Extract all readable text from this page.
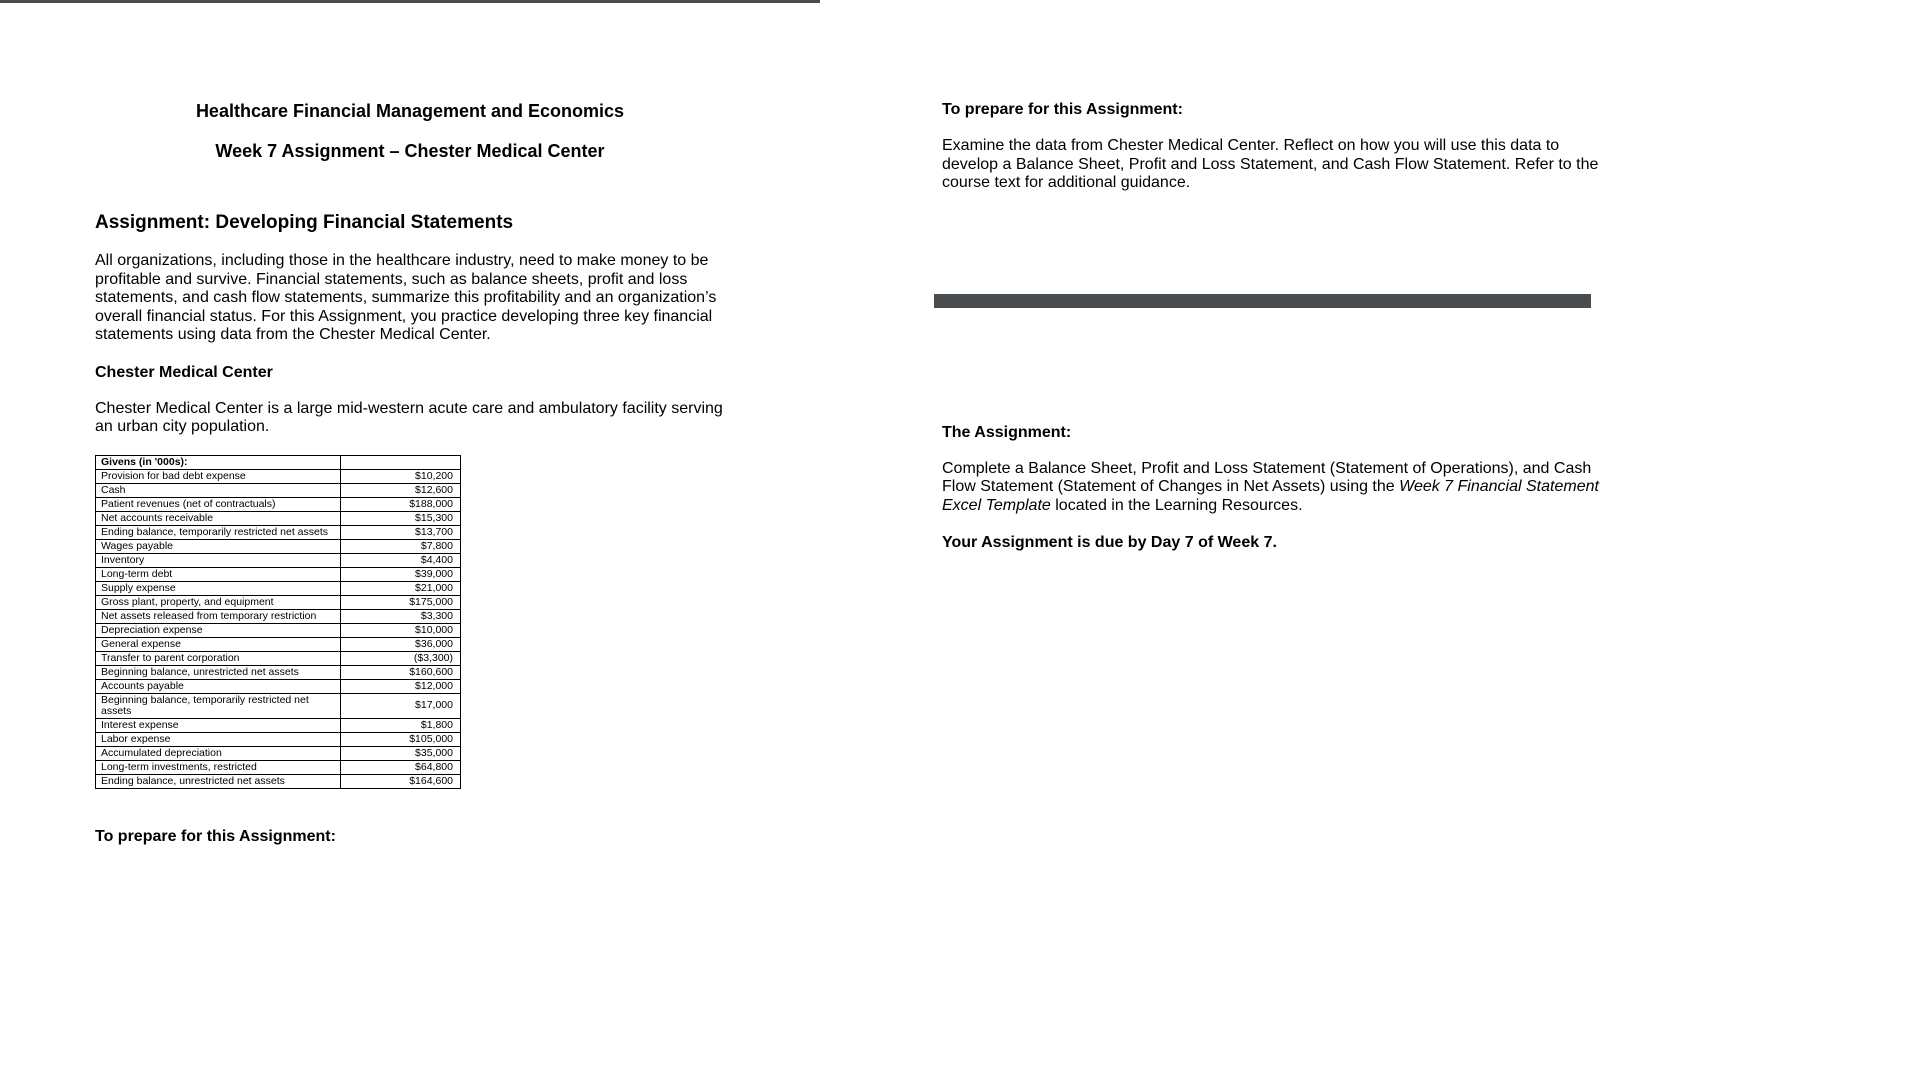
Healthcare Financial Management and Economics

Week 7 Assignment – Chester Medical Center

Assignment: Developing Financial Statements

All organizations, including those in the healthcare industry, need to make money to be profitable and survive. Financial statements, such as balance sheets, profit and loss statements, and cash flow statements, summarize this profitability and an organization’s overall financial status. For this Assignment, you practice developing three key financial statements using data from the Chester Medical Center.

Chester Medical Center

Chester Medical Center is a large mid-western acute care and ambulatory facility serving an urban city population.

Givens (in '000s):	
Provision for bad debt expense	$10,200
Cash	$12,600
Patient revenues (net of contractuals)	$188,000
Net accounts receivable	$15,300
Ending balance, temporarily restricted net assets	$13,700
Wages payable	$7,800
Inventory	$4,400
Long-term debt	$39,000
Supply expense	$21,000
Gross plant, property, and equipment	$175,000
Net assets released from temporary restriction	$3,300
Depreciation expense	$10,000
General expense	$36,000
Transfer to parent corporation	($3,300)
Beginning balance, unrestricted net assets	$160,600
Accounts payable	$12,000
Beginning balance, temporarily restricted net assets	$17,000
Interest expense	$1,800
Labor expense	$105,000
Accumulated depreciation	$35,000
Long-term investments, restricted	$64,800
Ending balance, unrestricted net assets	$164,600

To prepare for this Assignment:

To prepare for this Assignment:

Examine the data from Chester Medical Center. Reflect on how you will use this data to develop a Balance Sheet, Profit and Loss Statement, and Cash Flow Statement. Refer to the course text for additional guidance.

The Assignment:

Complete a Balance Sheet, Profit and Loss Statement (Statement of Operations), and Cash Flow Statement (Statement of Changes in Net Assets) using the Week 7 Financial Statement Excel Template located in the Learning Resources.

Your Assignment is due by Day 7 of Week 7.
